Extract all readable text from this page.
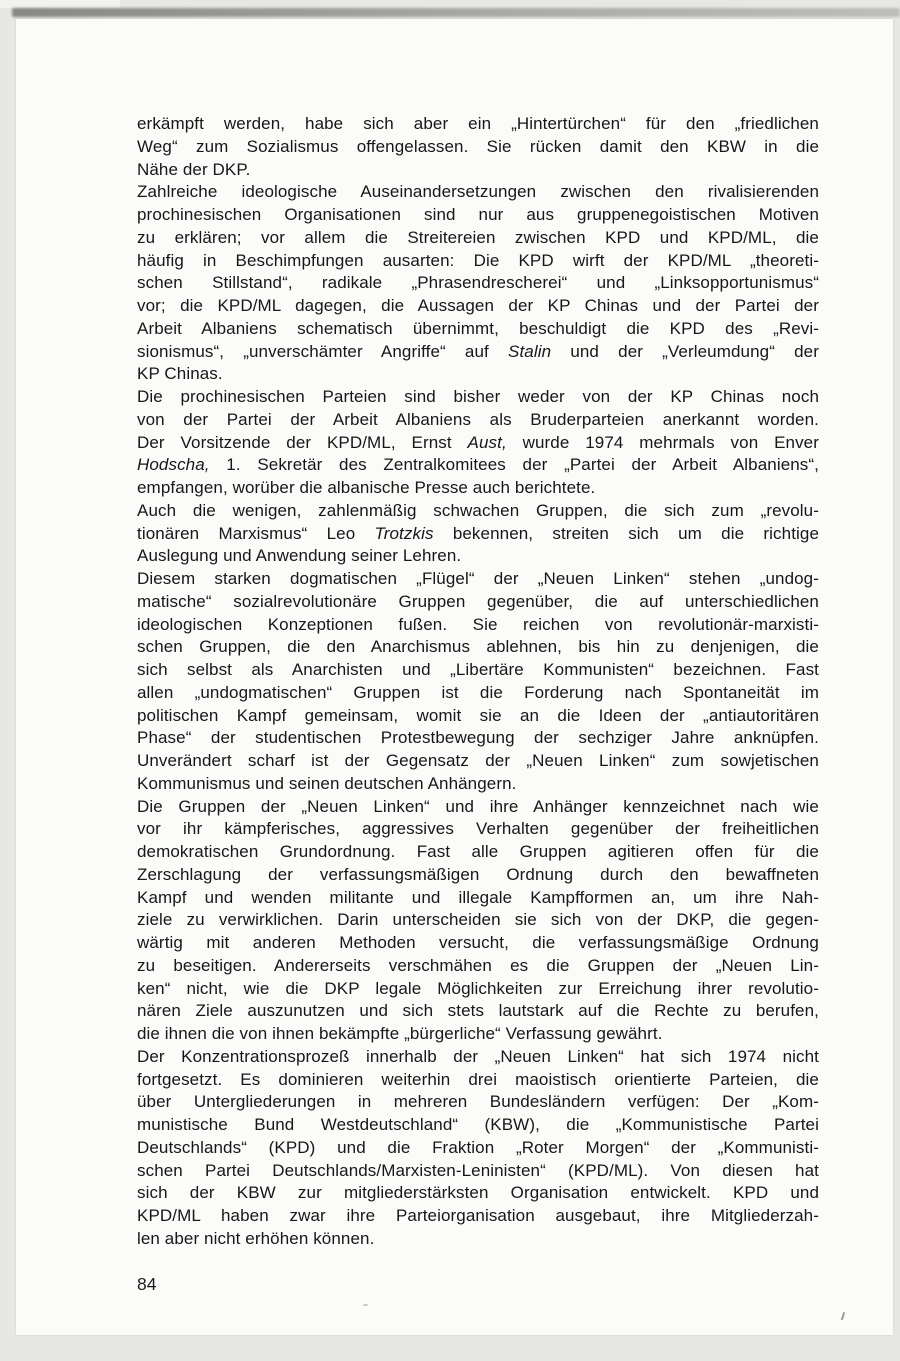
erkämpft werden, habe sich aber ein „Hintertürchen“ für den „friedlichen
Weg“ zum Sozialismus offengelassen. Sie rücken damit den KBW in die
Nähe der DKP.
Zahlreiche ideologische Auseinandersetzungen zwischen den rivalisierenden
prochinesischen Organisationen sind nur aus gruppenegoistischen Motiven
zu erklären; vor allem die Streitereien zwischen KPD und KPD/ML, die
häufig in Beschimpfungen ausarten: Die KPD wirft der KPD/ML „theoreti-
schen Stillstand“, radikale „Phrasendrescherei“ und „Linksopportunismus“
vor; die KPD/ML dagegen, die Aussagen der KP Chinas und der Partei der
Arbeit Albaniens schematisch übernimmt, beschuldigt die KPD des „Revi-
sionismus“, „unverschämter Angriffe“ auf Stalin und der „Verleumdung“ der
KP Chinas.
Die prochinesischen Parteien sind bisher weder von der KP Chinas noch
von der Partei der Arbeit Albaniens als Bruderparteien anerkannt worden.
Der Vorsitzende der KPD/ML, Ernst Aust, wurde 1974 mehrmals von Enver
Hodscha, 1. Sekretär des Zentralkomitees der „Partei der Arbeit Albaniens“,
empfangen, worüber die albanische Presse auch berichtete.
Auch die wenigen, zahlenmäßig schwachen Gruppen, die sich zum „revolu-
tionären Marxismus“ Leo Trotzkis bekennen, streiten sich um die richtige
Auslegung und Anwendung seiner Lehren.
Diesem starken dogmatischen „Flügel“ der „Neuen Linken“ stehen „undog-
matische“ sozialrevolutionäre Gruppen gegenüber, die auf unterschiedlichen
ideologischen Konzeptionen fußen. Sie reichen von revolutionär-marxisti-
schen Gruppen, die den Anarchismus ablehnen, bis hin zu denjenigen, die
sich selbst als Anarchisten und „Libertäre Kommunisten“ bezeichnen. Fast
allen „undogmatischen“ Gruppen ist die Forderung nach Spontaneität im
politischen Kampf gemeinsam, womit sie an die Ideen der „antiautoritären
Phase“ der studentischen Protestbewegung der sechziger Jahre anknüpfen.
Unverändert scharf ist der Gegensatz der „Neuen Linken“ zum sowjetischen
Kommunismus und seinen deutschen Anhängern.
Die Gruppen der „Neuen Linken“ und ihre Anhänger kennzeichnet nach wie
vor ihr kämpferisches, aggressives Verhalten gegenüber der freiheitlichen
demokratischen Grundordnung. Fast alle Gruppen agitieren offen für die
Zerschlagung der verfassungsmäßigen Ordnung durch den bewaffneten
Kampf und wenden militante und illegale Kampfformen an, um ihre Nah-
ziele zu verwirklichen. Darin unterscheiden sie sich von der DKP, die gegen-
wärtig mit anderen Methoden versucht, die verfassungsmäßige Ordnung
zu beseitigen. Andererseits verschmähen es die Gruppen der „Neuen Lin-
ken“ nicht, wie die DKP legale Möglichkeiten zur Erreichung ihrer revolutio-
nären Ziele auszunutzen und sich stets lautstark auf die Rechte zu berufen,
die ihnen die von ihnen bekämpfte „bürgerliche“ Verfassung gewährt.
Der Konzentrationsprozeß innerhalb der „Neuen Linken“ hat sich 1974 nicht
fortgesetzt. Es dominieren weiterhin drei maoistisch orientierte Parteien, die
über Untergliederungen in mehreren Bundesländern verfügen: Der „Kom-
munistische Bund Westdeutschland“ (KBW), die „Kommunistische Partei
Deutschlands“ (KPD) und die Fraktion „Roter Morgen“ der „Kommunisti-
schen Partei Deutschlands/Marxisten-Leninisten“ (KPD/ML). Von diesen hat
sich der KBW zur mitgliederstärksten Organisation entwickelt. KPD und
KPD/ML haben zwar ihre Parteiorganisation ausgebaut, ihre Mitgliederzah-
len aber nicht erhöhen können.
84
